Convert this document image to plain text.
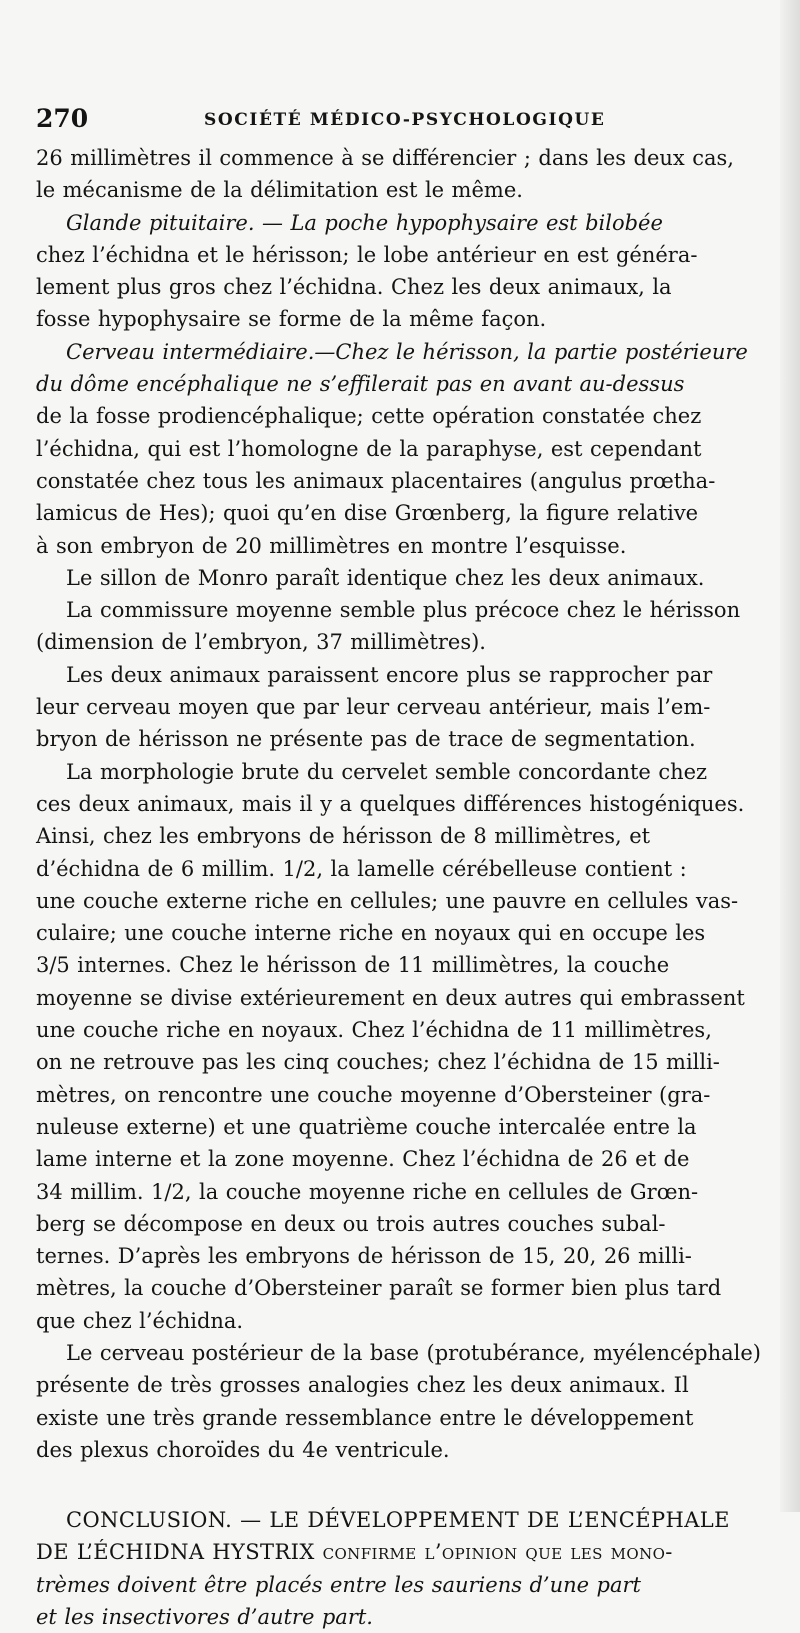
270	SOCIÉTÉ MÉDICO-PSYCHOLOGIQUE
26 millimètres il commence à se différencier ; dans les deux cas,
le mécanisme de la délimitation est le même.
Glande pituitaire. — La poche hypophysaire est bilobée
chez l’échidna et le hérisson; le lobe antérieur en est généra-
lement plus gros chez l’échidna. Chez les deux animaux, la
fosse hypophysaire se forme de la même façon.
Cerveau intermédiaire.—Chez le hérisson, la partie postérieure
du dôme encéphalique ne s’effilerait pas en avant au-dessus
de la fosse prodiencéphalique; cette opération constatée chez
l’échidna, qui est l’homologne de la paraphyse, est cependant
constatée chez tous les animaux placentaires (angulus prœtha-
lamicus de Hes); quoi qu’en dise Grœnberg, la figure relative
à son embryon de 20 millimètres en montre l’esquisse.
Le sillon de Monro paraît identique chez les deux animaux.
La commissure moyenne semble plus précoce chez le hérisson
(dimension de l’embryon, 37 millimètres).
Les deux animaux paraissent encore plus se rapprocher par
leur cerveau moyen que par leur cerveau antérieur, mais l’em-
bryon de hérisson ne présente pas de trace de segmentation.
La morphologie brute du cervelet semble concordante chez
ces deux animaux, mais il y a quelques différences histogéniques.
Ainsi, chez les embryons de hérisson de 8 millimètres, et
d’échidna de 6 millim. 1/2, la lamelle cérébelleuse contient :
une couche externe riche en cellules; une pauvre en cellules vas-
culaire; une couche interne riche en noyaux qui en occupe les
3/5 internes. Chez le hérisson de 11 millimètres, la couche
moyenne se divise extérieurement en deux autres qui embrassent
une couche riche en noyaux. Chez l’échidna de 11 millimètres,
on ne retrouve pas les cinq couches; chez l’échidna de 15 milli-
mètres, on rencontre une couche moyenne d’Obersteiner (gra-
nuleuse externe) et une quatrième couche intercalée entre la
lame interne et la zone moyenne. Chez l’échidna de 26 et de
34 millim. 1/2, la couche moyenne riche en cellules de Grœn-
berg se décompose en deux ou trois autres couches subal-
ternes. D’après les embryons de hérisson de 15, 20, 26 milli-
mètres, la couche d’Obersteiner paraît se former bien plus tard
que chez l’échidna.
Le cerveau postérieur de la base (protubérance, myélencéphale)
présente de très grosses analogies chez les deux animaux. Il
existe une très grande ressemblance entre le développement
des plexus choroïdes du 4e ventricule.
CONCLUSION. — LE DÉVELOPPEMENT DE L’ENCÉPHALE
DE L’ÉCHIDNA HYSTRIX confirme l’opinion que les mono-
trèmes doivent être placés entre les sauriens d’une part
et les insectivores d’autre part.
